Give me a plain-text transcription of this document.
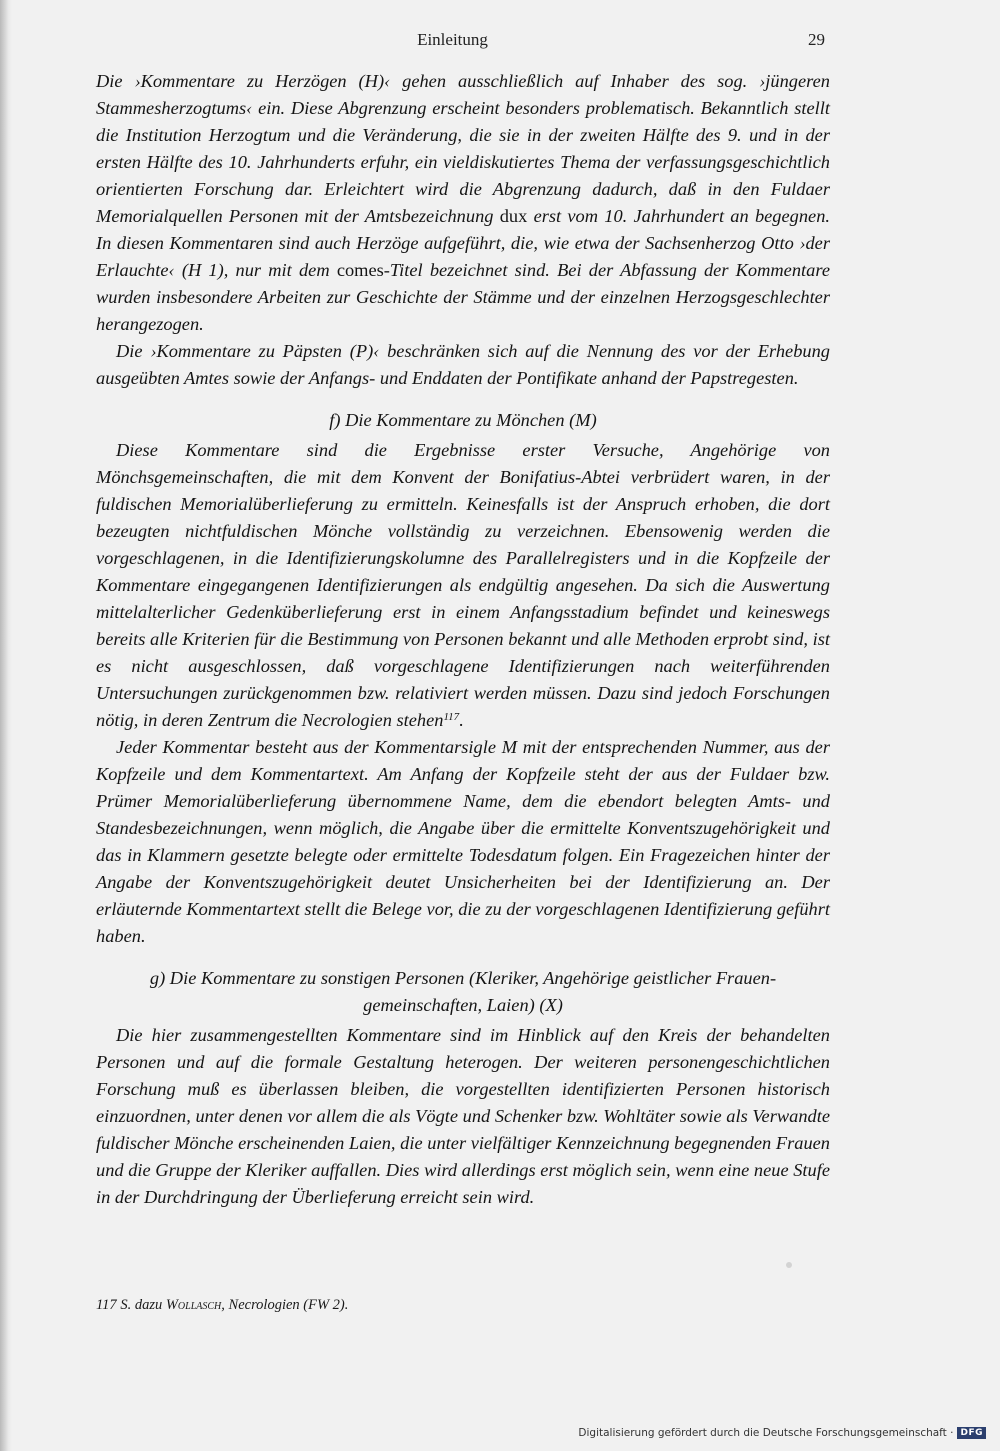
Einleitung	29

Die ›Kommentare zu Herzögen (H)‹ gehen ausschließlich auf Inhaber des sog. ›jüngeren Stammesherzogtums‹ ein. Diese Abgrenzung erscheint besonders problematisch. Bekanntlich stellt die Institution Herzogtum und die Veränderung, die sie in der zweiten Hälfte des 9. und in der ersten Hälfte des 10. Jahrhunderts erfuhr, ein vieldiskutiertes Thema der verfassungsgeschichtlich orientierten Forschung dar. Erleichtert wird die Abgrenzung dadurch, daß in den Fuldaer Memorialquellen Personen mit der Amtsbezeichnung dux erst vom 10. Jahrhundert an begegnen. In diesen Kommentaren sind auch Herzöge aufgeführt, die, wie etwa der Sachsenherzog Otto ›der Erlauchte‹ (H 1), nur mit dem comes-Titel bezeichnet sind. Bei der Abfassung der Kommentare wurden insbesondere Arbeiten zur Geschichte der Stämme und der einzelnen Herzogsgeschlechter herangezogen.

Die ›Kommentare zu Päpsten (P)‹ beschränken sich auf die Nennung des vor der Erhebung ausgeübten Amtes sowie der Anfangs- und Enddaten der Pontifikate anhand der Papstregesten.

f) Die Kommentare zu Mönchen (M)

Diese Kommentare sind die Ergebnisse erster Versuche, Angehörige von Mönchsgemeinschaften, die mit dem Konvent der Bonifatius-Abtei verbrüdert waren, in der fuldischen Memorialüberlieferung zu ermitteln. Keinesfalls ist der Anspruch erhoben, die dort bezeugten nichtfuldischen Mönche vollständig zu verzeichnen. Ebensowenig werden die vorgeschlagenen, in die Identifizierungskolumne des Parallelregisters und in die Kopfzeile der Kommentare eingegangenen Identifizierungen als endgültig angesehen. Da sich die Auswertung mittelalterlicher Gedenküberlieferung erst in einem Anfangsstadium befindet und keineswegs bereits alle Kriterien für die Bestimmung von Personen bekannt und alle Methoden erprobt sind, ist es nicht ausgeschlossen, daß vorgeschlagene Identifizierungen nach weiterführenden Untersuchungen zurückgenommen bzw. relativiert werden müssen. Dazu sind jedoch Forschungen nötig, in deren Zentrum die Necrologien stehen$^{117}$.

Jeder Kommentar besteht aus der Kommentarsigle M mit der entsprechenden Nummer, aus der Kopfzeile und dem Kommentartext. Am Anfang der Kopfzeile steht der aus der Fuldaer bzw. Prümer Memorialüberlieferung übernommene Name, dem die ebendort belegten Amts- und Standesbezeichnungen, wenn möglich, die Angabe über die ermittelte Konventszugehörigkeit und das in Klammern gesetzte belegte oder ermittelte Todesdatum folgen. Ein Fragezeichen hinter der Angabe der Konventszugehörigkeit deutet Unsicherheiten bei der Identifizierung an. Der erläuternde Kommentartext stellt die Belege vor, die zu der vorgeschlagenen Identifizierung geführt haben.

g) Die Kommentare zu sonstigen Personen (Kleriker, Angehörige geistlicher Frauen-
gemeinschaften, Laien) (X)

Die hier zusammengestellten Kommentare sind im Hinblick auf den Kreis der behandelten Personen und auf die formale Gestaltung heterogen. Der weiteren personengeschichtlichen Forschung muß es überlassen bleiben, die vorgestellten identifizierten Personen historisch einzuordnen, unter denen vor allem die als Vögte und Schenker bzw. Wohltäter sowie als Verwandte fuldischer Mönche erscheinenden Laien, die unter vielfältiger Kennzeichnung begegnenden Frauen und die Gruppe der Kleriker auffallen. Dies wird allerdings erst möglich sein, wenn eine neue Stufe in der Durchdringung der Überlieferung erreicht sein wird.

117 S. dazu Wollasch, Necrologien (FW 2).
Digitalisierung gefördert durch die Deutsche Forschungsgemeinschaft · DFG
